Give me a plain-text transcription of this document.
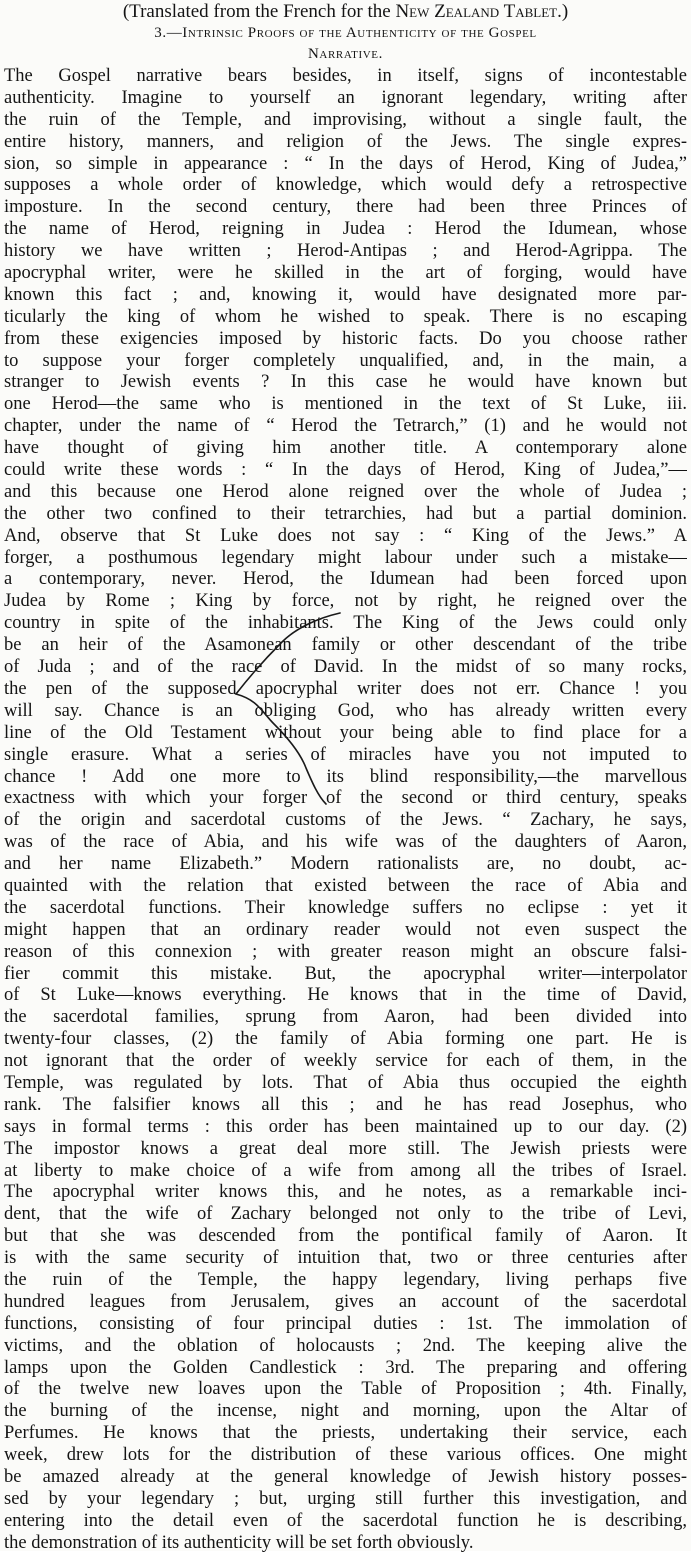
(Translated from the French for the New Zealand Tablet.)
3.—Intrinsic Proofs of the Authenticity of the Gospel
Narrative.
The Gospel narrative bears besides, in itself, signs of incontestable
authenticity. Imagine to yourself an ignorant legendary, writing after
the ruin of the Temple, and improvising, without a single fault, the
entire history, manners, and religion of the Jews. The single expres-
sion, so simple in appearance : “ In the days of Herod, King of Judea,”
supposes a whole order of knowledge, which would defy a retrospective
imposture. In the second century, there had been three Princes of
the name of Herod, reigning in Judea : Herod the Idumean, whose
history we have written ; Herod-Antipas ; and Herod-Agrippa. The
apocryphal writer, were he skilled in the art of forging, would have
known this fact ; and, knowing it, would have designated more par-
ticularly the king of whom he wished to speak. There is no escaping
from these exigencies imposed by historic facts. Do you choose rather
to suppose your forger completely unqualified, and, in the main, a
stranger to Jewish events ? In this case he would have known but
one Herod—the same who is mentioned in the text of St Luke, iii.
chapter, under the name of “ Herod the Tetrarch,” (1) and he would not
have thought of giving him another title. A contemporary alone
could write these words : “ In the days of Herod, King of Judea,”—
and this because one Herod alone reigned over the whole of Judea ;
the other two confined to their tetrarchies, had but a partial dominion.
And, observe that St Luke does not say : “ King of the Jews.” A
forger, a posthumous legendary might labour under such a mistake—
a contemporary, never. Herod, the Idumean had been forced upon
Judea by Rome ; King by force, not by right, he reigned over the
country in spite of the inhabitants. The King of the Jews could only
be an heir of the Asamonean family or other descendant of the tribe
of Juda ; and of the race of David. In the midst of so many rocks,
the pen of the supposed apocryphal writer does not err. Chance ! you
will say. Chance is an obliging God, who has already written every
line of the Old Testament without your being able to find place for a
single erasure. What a series of miracles have you not imputed to
chance ! Add one more to its blind responsibility,—the marvellous
exactness with which your forger of the second or third century, speaks
of the origin and sacerdotal customs of the Jews. “ Zachary, he says,
was of the race of Abia, and his wife was of the daughters of Aaron,
and her name Elizabeth.” Modern rationalists are, no doubt, ac-
quainted with the relation that existed between the race of Abia and
the sacerdotal functions. Their knowledge suffers no eclipse : yet it
might happen that an ordinary reader would not even suspect the
reason of this connexion ; with greater reason might an obscure falsi-
fier commit this mistake. But, the apocryphal writer—interpolator
of St Luke—knows everything. He knows that in the time of David,
the sacerdotal families, sprung from Aaron, had been divided into
twenty-four classes, (2) the family of Abia forming one part. He is
not ignorant that the order of weekly service for each of them, in the
Temple, was regulated by lots. That of Abia thus occupied the eighth
rank. The falsifier knows all this ; and he has read Josephus, who
says in formal terms : this order has been maintained up to our day. (2)
The impostor knows a great deal more still. The Jewish priests were
at liberty to make choice of a wife from among all the tribes of Israel.
The apocryphal writer knows this, and he notes, as a remarkable inci-
dent, that the wife of Zachary belonged not only to the tribe of Levi,
but that she was descended from the pontifical family of Aaron. It
is with the same security of intuition that, two or three centuries after
the ruin of the Temple, the happy legendary, living perhaps five
hundred leagues from Jerusalem, gives an account of the sacerdotal
functions, consisting of four principal duties : 1st. The immolation of
victims, and the oblation of holocausts ; 2nd. The keeping alive the
lamps upon the Golden Candlestick : 3rd. The preparing and offering
of the twelve new loaves upon the Table of Proposition ; 4th. Finally,
the burning of the incense, night and morning, upon the Altar of
Perfumes. He knows that the priests, undertaking their service, each
week, drew lots for the distribution of these various offices. One might
be amazed already at the general knowledge of Jewish history posses-
sed by your legendary ; but, urging still further this investigation, and
entering into the detail even of the sacerdotal function he is describing,
the demonstration of its authenticity will be set forth obviously.
